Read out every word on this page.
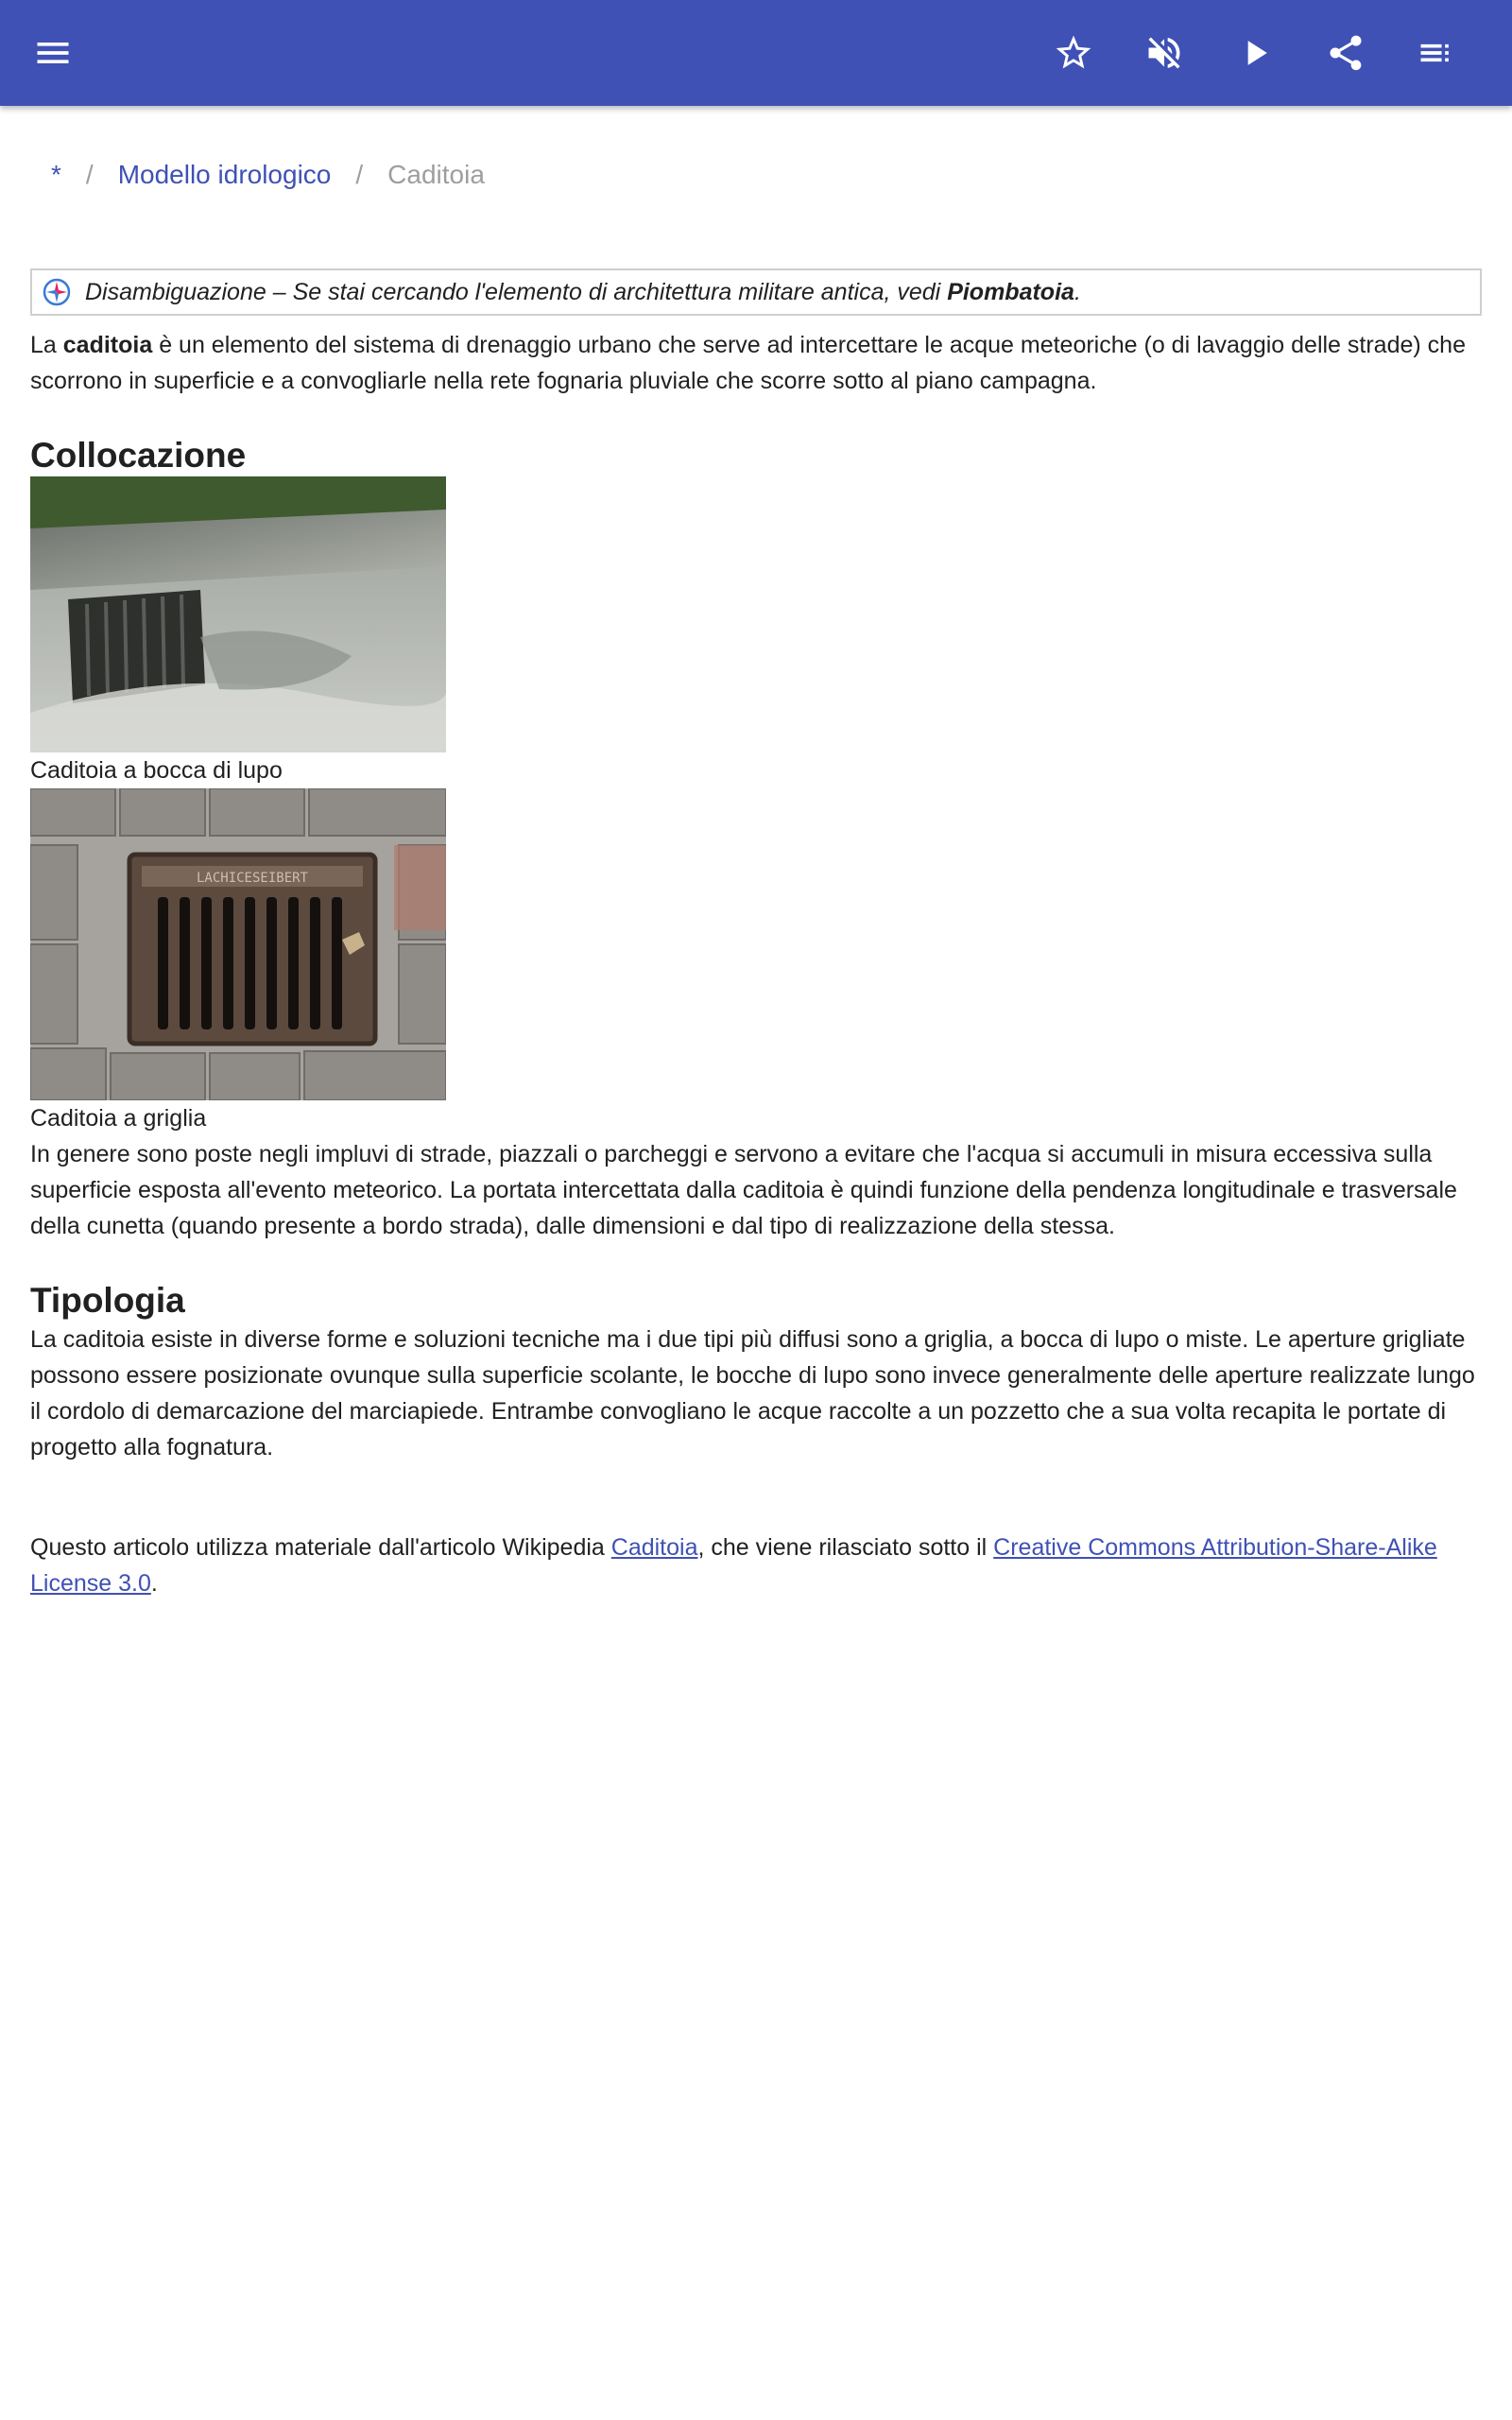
* / Modello idrologico / Caditoia
Disambiguazione – Se stai cercando l'elemento di architettura militare antica, vedi Piombatoia.

La caditoia è un elemento del sistema di drenaggio urbano che serve ad intercettare le acque meteoriche (o di lavaggio delle strade) che scorrono in superficie e a convogliarle nella rete fognaria pluviale che scorre sotto al piano campagna.

Collocazione

Caditoia a bocca di lupo

LACHICESEIBERT

Caditoia a griglia

In genere sono poste negli impluvi di strade, piazzali o parcheggi e servono a evitare che l'acqua si accumuli in misura eccessiva sulla superficie esposta all'evento meteorico. La portata intercettata dalla caditoia è quindi funzione della pendenza longitudinale e trasversale della cunetta (quando presente a bordo strada), dalle dimensioni e dal tipo di realizzazione della stessa.

Tipologia

La caditoia esiste in diverse forme e soluzioni tecniche ma i due tipi più diffusi sono a griglia, a bocca di lupo o miste. Le aperture grigliate possono essere posizionate ovunque sulla superficie scolante, le bocche di lupo sono invece generalmente delle aperture realizzate lungo il cordolo di demarcazione del marciapiede. Entrambe convogliano le acque raccolte a un pozzetto che a sua volta recapita le portate di progetto alla fognatura.

Questo articolo utilizza materiale dall'articolo Wikipedia Caditoia, che viene rilasciato sotto il Creative Commons Attribution-Share-Alike License 3.0.
